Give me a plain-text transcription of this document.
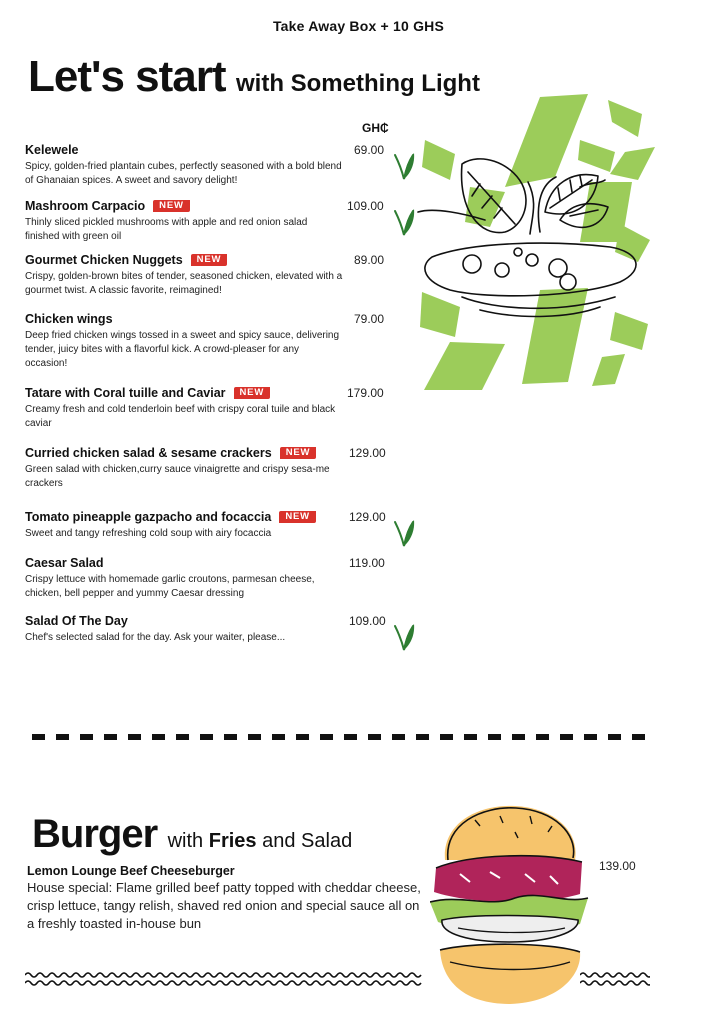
Take Away Box + 10 GHS
Let's start with Something Light
GH₵
Kelewele
Spicy, golden-fried plantain cubes, perfectly seasoned with a bold blend of Ghanaian spices. A sweet and savory delight!
69.00
Mashroom Carpacio NEW
Thinly sliced pickled mushrooms with apple and red onion salad finished with green oil
109.00
Gourmet Chicken Nuggets NEW
Crispy, golden-brown bites of tender, seasoned chicken, elevated with a gourmet twist. A classic favorite, reimagined!
89.00
Chicken wings
Deep fried chicken wings tossed in a sweet and spicy sauce, delivering tender, juicy bites with a flavorful kick. A crowd-pleaser for any occasion!
79.00
Tatare with Coral tuille and Caviar NEW
Creamy fresh and cold tenderloin beef with crispy coral tuile and black caviar
179.00
Curried chicken salad & sesame crackers NEW
Green salad with chicken,curry sauce vinaigrette and crispy sesa-me crackers
129.00
Tomato pineapple gazpacho and focaccia NEW
Sweet and tangy refreshing cold soup with airy focaccia
129.00
Caesar Salad
Crispy lettuce with homemade garlic croutons, parmesan cheese, chicken, bell pepper and yummy Caesar dressing
119.00
Salad Of The Day
Chef's selected salad for the day. Ask your waiter, please...
109.00
Burger with Fries and Salad
Lemon Lounge Beef Cheeseburger
House special: Flame grilled beef patty topped with cheddar cheese, crisp lettuce, tangy relish, shaved red onion and special sauce all on a freshly toasted in-house bun
139.00
